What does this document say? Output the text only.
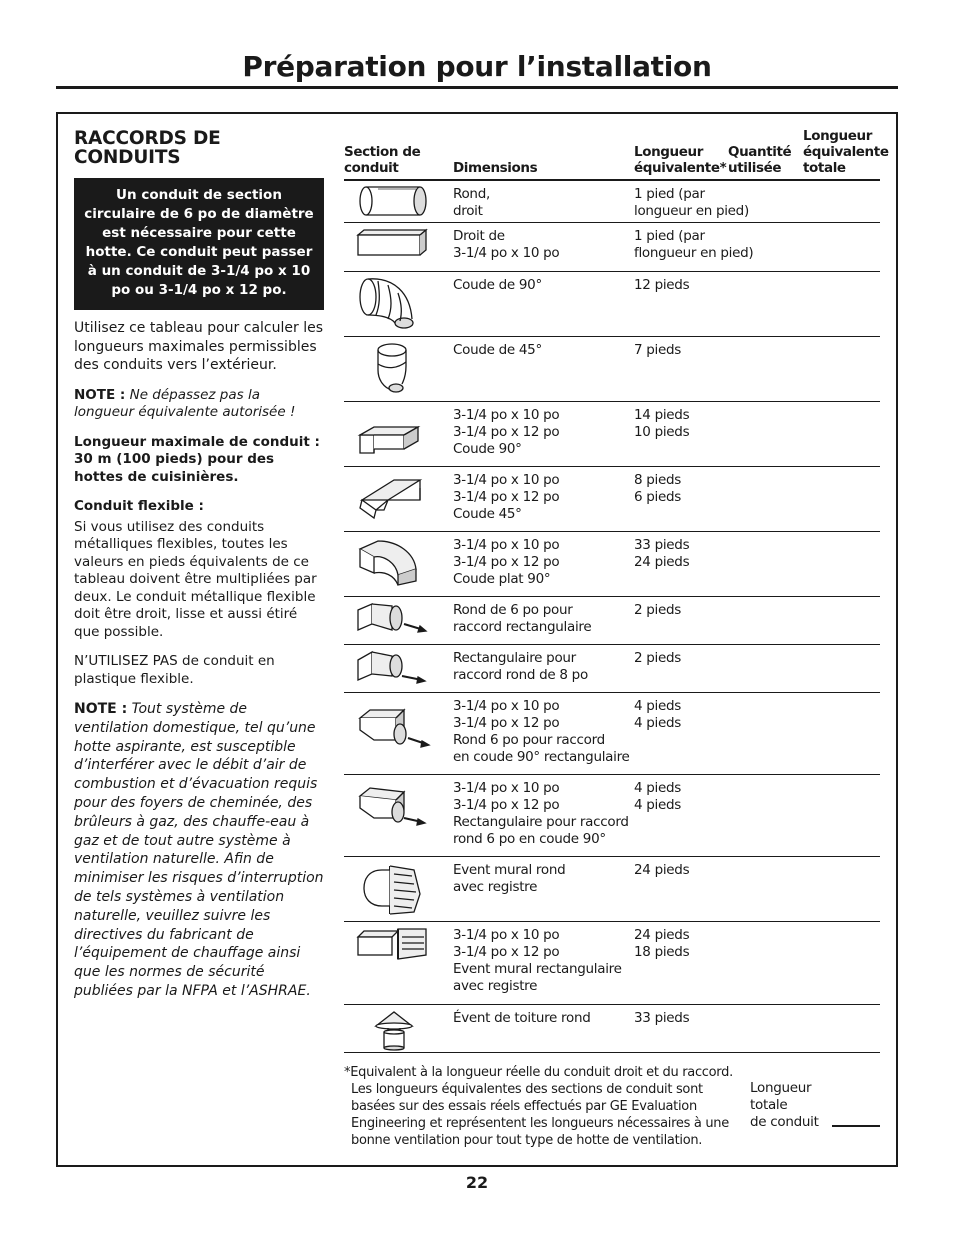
Préparation pour l’installation
RACCORDS DE CONDUITS
Un conduit de section circulaire de 6 po de diamètre est nécessaire pour cette hotte. Ce conduit peut passer à un conduit de 3-1/4 po x 10 po ou 3-1/4 po x 12 po.

Utilisez ce tableau pour calculer les longueurs maximales permissibles des conduits vers l’extérieur.

NOTE : Ne dépassez pas la longueur équivalente autorisée !

Longueur maximale de conduit : 30 m (100 pieds) pour des hottes de cuisinières.

Conduit flexible :

Si vous utilisez des conduits métalliques flexibles, toutes les valeurs en pieds équivalents de ce tableau doivent être multipliées par deux. Le conduit métallique flexible doit être droit, lisse et aussi étiré que possible.

N’UTILISEZ PAS de conduit en plastique flexible.

NOTE : Tout système de ventilation domestique, tel qu’une hotte aspirante, est susceptible d’interférer avec le débit d’air de combustion et d’évacuation requis pour des foyers de cheminée, des brûleurs à gaz, des chauffe-eau à gaz et de tout autre système à ventilation naturelle. Afin de minimiser les risques d’interruption de tels systèmes à ventilation naturelle, veuillez suivre les directives du fabricant de l’équipement de chauffage ainsi que les normes de sécurité publiées par la NFPA et l’ASHRAE.

Section de conduit	Dimensions	Longueur équivalente*	Quantité utilisée	Longueur équivalente totale

	Rond,
droit	1 pied (par
longueur en pied)		

	Droit de
3-1/4 po x 10 po	1 pied (par
flongueur en pied)		

	Coude de 90°	12 pieds		

	Coude de 45°	7 pieds		

	3-1/4 po x 10 po
3-1/4 po x 12 po
Coude 90°	14 pieds
10 pieds		

	3-1/4 po x 10 po
3-1/4 po x 12 po
Coude 45°	8 pieds
6 pieds		

	3-1/4 po x 10 po
3-1/4 po x 12 po
Coude plat 90°	33 pieds
24 pieds		

	Rond de 6 po pour
raccord rectangulaire	2 pieds		

	Rectangulaire pour
raccord rond de 8 po	2 pieds		

	3-1/4 po x 10 po
3-1/4 po x 12 po
Rond 6 po pour raccord
en coude 90° rectangulaire	4 pieds
4 pieds		

	3-1/4 po x 10 po
3-1/4 po x 12 po
Rectangulaire pour raccord
rond 6 po en coude 90°	4 pieds
4 pieds		

	Event mural rond
avec registre	24 pieds		

	3-1/4 po x 10 po
3-1/4 po x 12 po
Event mural rectangulaire
avec registre	24 pieds
18 pieds		

	Évent de toiture rond	33 pieds		

*Equivalent à la longueur réelle du conduit droit et du raccord. Les longueurs équivalentes des sections de conduit sont basées sur des essais réels effectués par GE Evaluation Engineering et représentent les longueurs nécessaires à une bonne ventilation pour tout type de hotte de ventilation.

Longueur
totale
de conduit

22
